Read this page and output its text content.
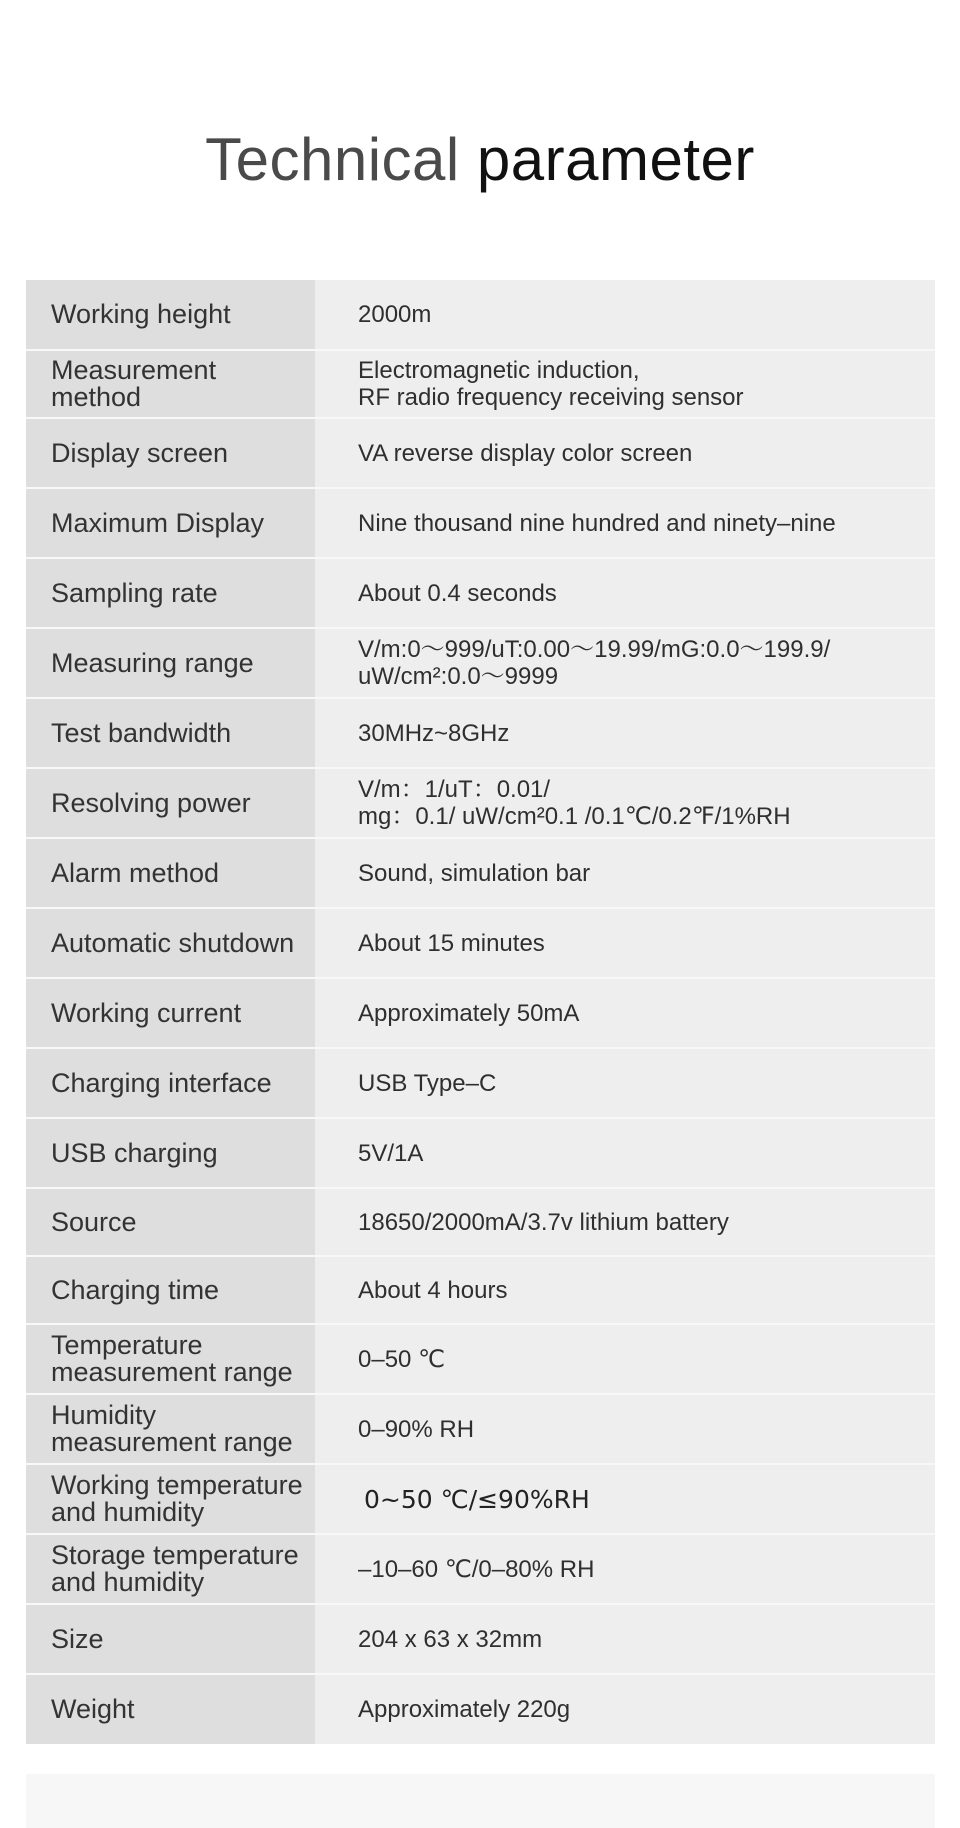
Technical parameter
Working height	2000m

Measurement
method	Electromagnetic induction,
RF radio frequency receiving sensor

Display screen	VA reverse display color screen

Maximum Display	Nine thousand nine hundred and ninety–nine

Sampling rate	About 0.4 seconds

Measuring range	V/m:0～999/uT:0.00～19.99/mG:0.0～199.9/
uW/cm²:0.0～9999

Test bandwidth	30MHz~8GHz

Resolving power	V/m：1/uT：0.01/
mg：0.1/ uW/cm²0.1 /0.1℃/0.2℉/1%RH

Alarm method	Sound, simulation bar

Automatic shutdown	About 15 minutes

Working current	Approximately 50mA

Charging interface	USB Type–C

USB charging	5V/1A

Source	18650/2000mA/3.7v lithium battery

Charging time	About 4 hours

Temperature
measurement range	0–50 ℃

Humidity
measurement range	0–90% RH

Working temperature
and humidity	0~50 ℃/≤90%RH

Storage temperature
and humidity	–10–60 ℃/0–80% RH

Size	204 x 63 x 32mm

Weight	Approximately 220g
